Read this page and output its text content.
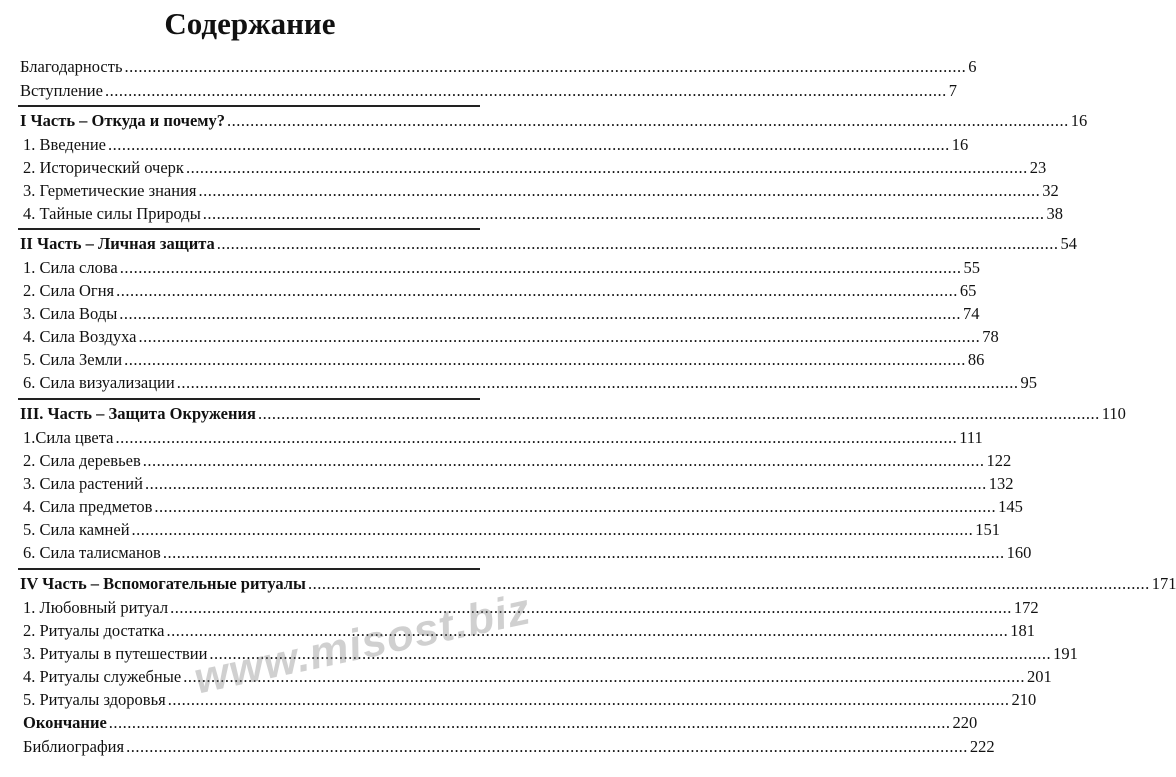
Содержание
Благодарность .....	6
Вступление .....	7
I Часть – Откуда и почему? .....	16
1. Введение .....	16
2. Исторический очерк .....	23
3. Герметические знания .....	32
4. Тайные силы Природы .....	38
II Часть – Личная защита .....	54
1. Сила слова .....	55
2. Сила Огня .....	65
3. Сила Воды .....	74
4. Сила Воздуха .....	78
5. Сила Земли .....	86
6. Сила визуализации .....	95
III. Часть – Защита Окружения .....	110
1.Сила цвета .....	111
2. Сила деревьев .....	122
3. Сила растений .....	132
4. Сила предметов .....	145
5. Сила камней .....	151
6. Сила талисманов .....	160
IV Часть – Вспомогательные ритуалы .....	171
1. Любовный ритуал .....	172
2. Ритуалы достатка .....	181
3. Ритуалы в путешествии .....	191
4. Ритуалы служебные .....	201
5. Ритуалы здоровья .....	210
Окончание .....	220
Библиография .....	222
www.misost.biz
